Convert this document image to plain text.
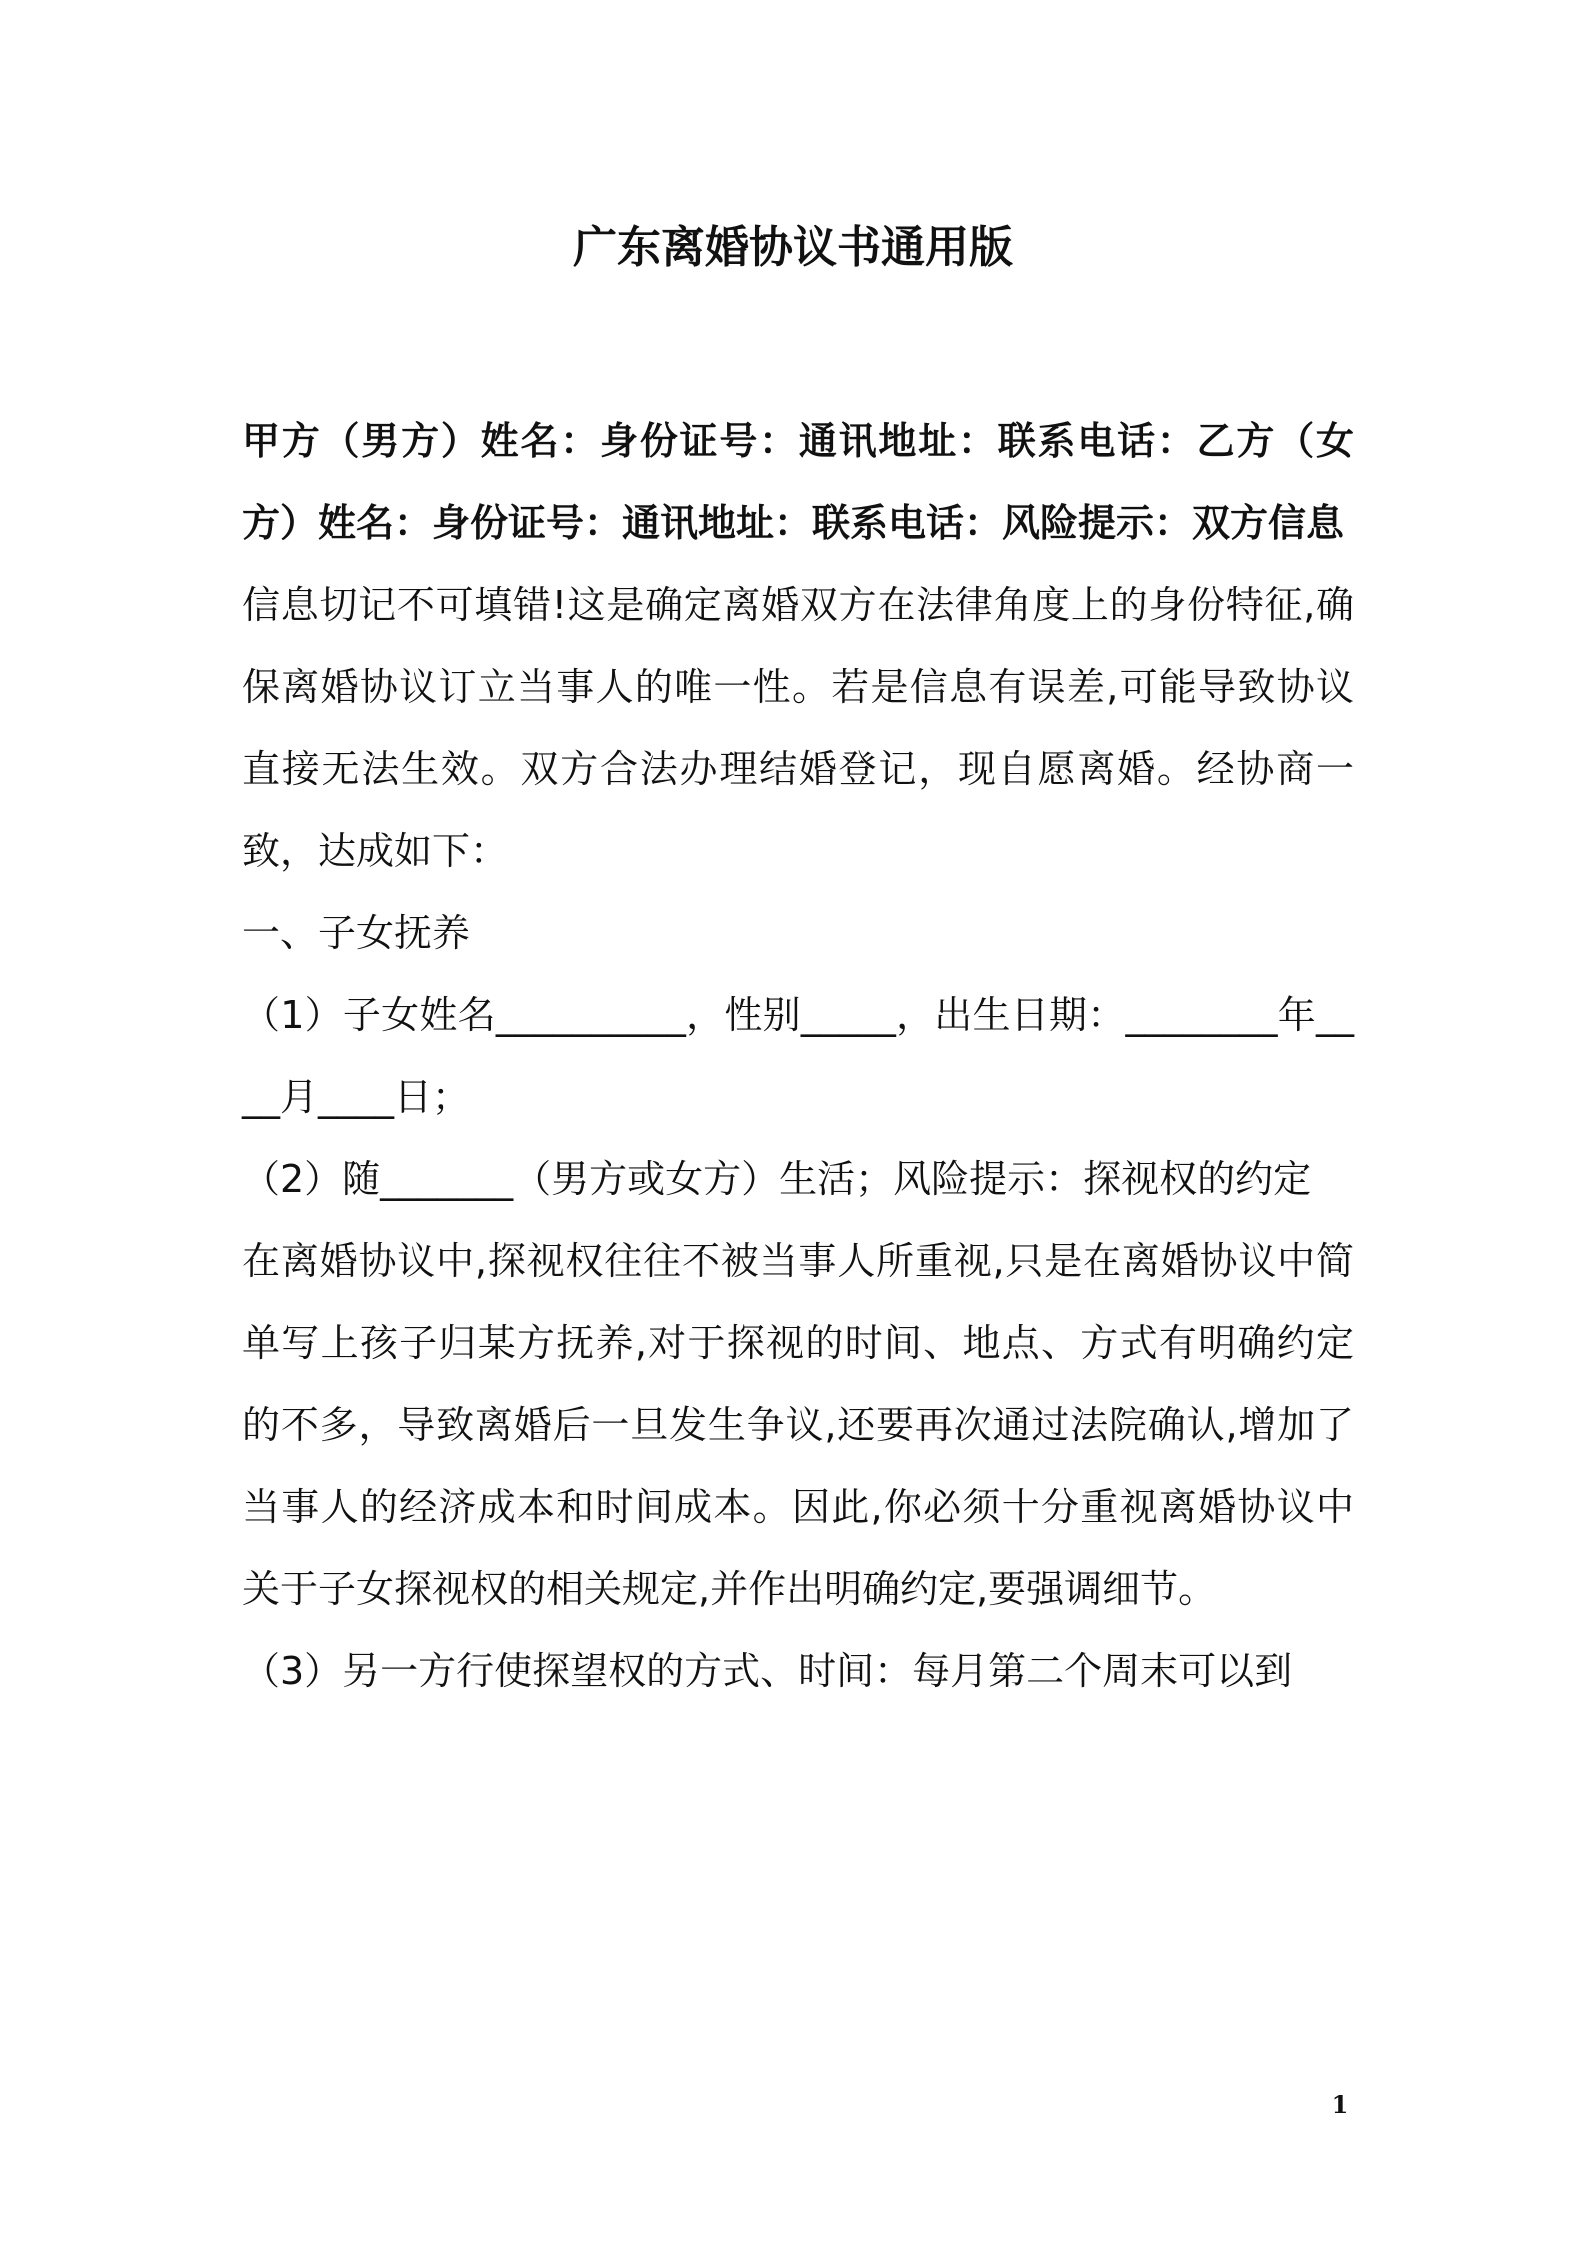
广东离婚协议书通用版

甲方（男方）姓名：身份证号：通讯地址：联系电话：乙方（女方）姓名：身份证号：通讯地址：联系电话：风险提示：双方信息

信息切记不可填错!这是确定离婚双方在法律角度上的身份特征,确保离婚协议订立当事人的唯一性。若是信息有误差,可能导致协议直接无法生效。双方合法办理结婚登记，现自愿离婚。经协商一致，达成如下：

一、子女抚养

（1）子女姓名__________，性别_____，出生日期：________年____月____日；

（2）随_______（男方或女方）生活；风险提示：探视权的约定

在离婚协议中,探视权往往不被当事人所重视,只是在离婚协议中简单写上孩子归某方抚养,对于探视的时间、地点、方式有明确约定的不多，导致离婚后一旦发生争议,还要再次通过法院确认,增加了当事人的经济成本和时间成本。因此,你必须十分重视离婚协议中 关于子女探视权的相关规定,并作出明确约定,要强调细节。

（3）另一方行使探望权的方式、时间：每月第二个周末可以到

1
